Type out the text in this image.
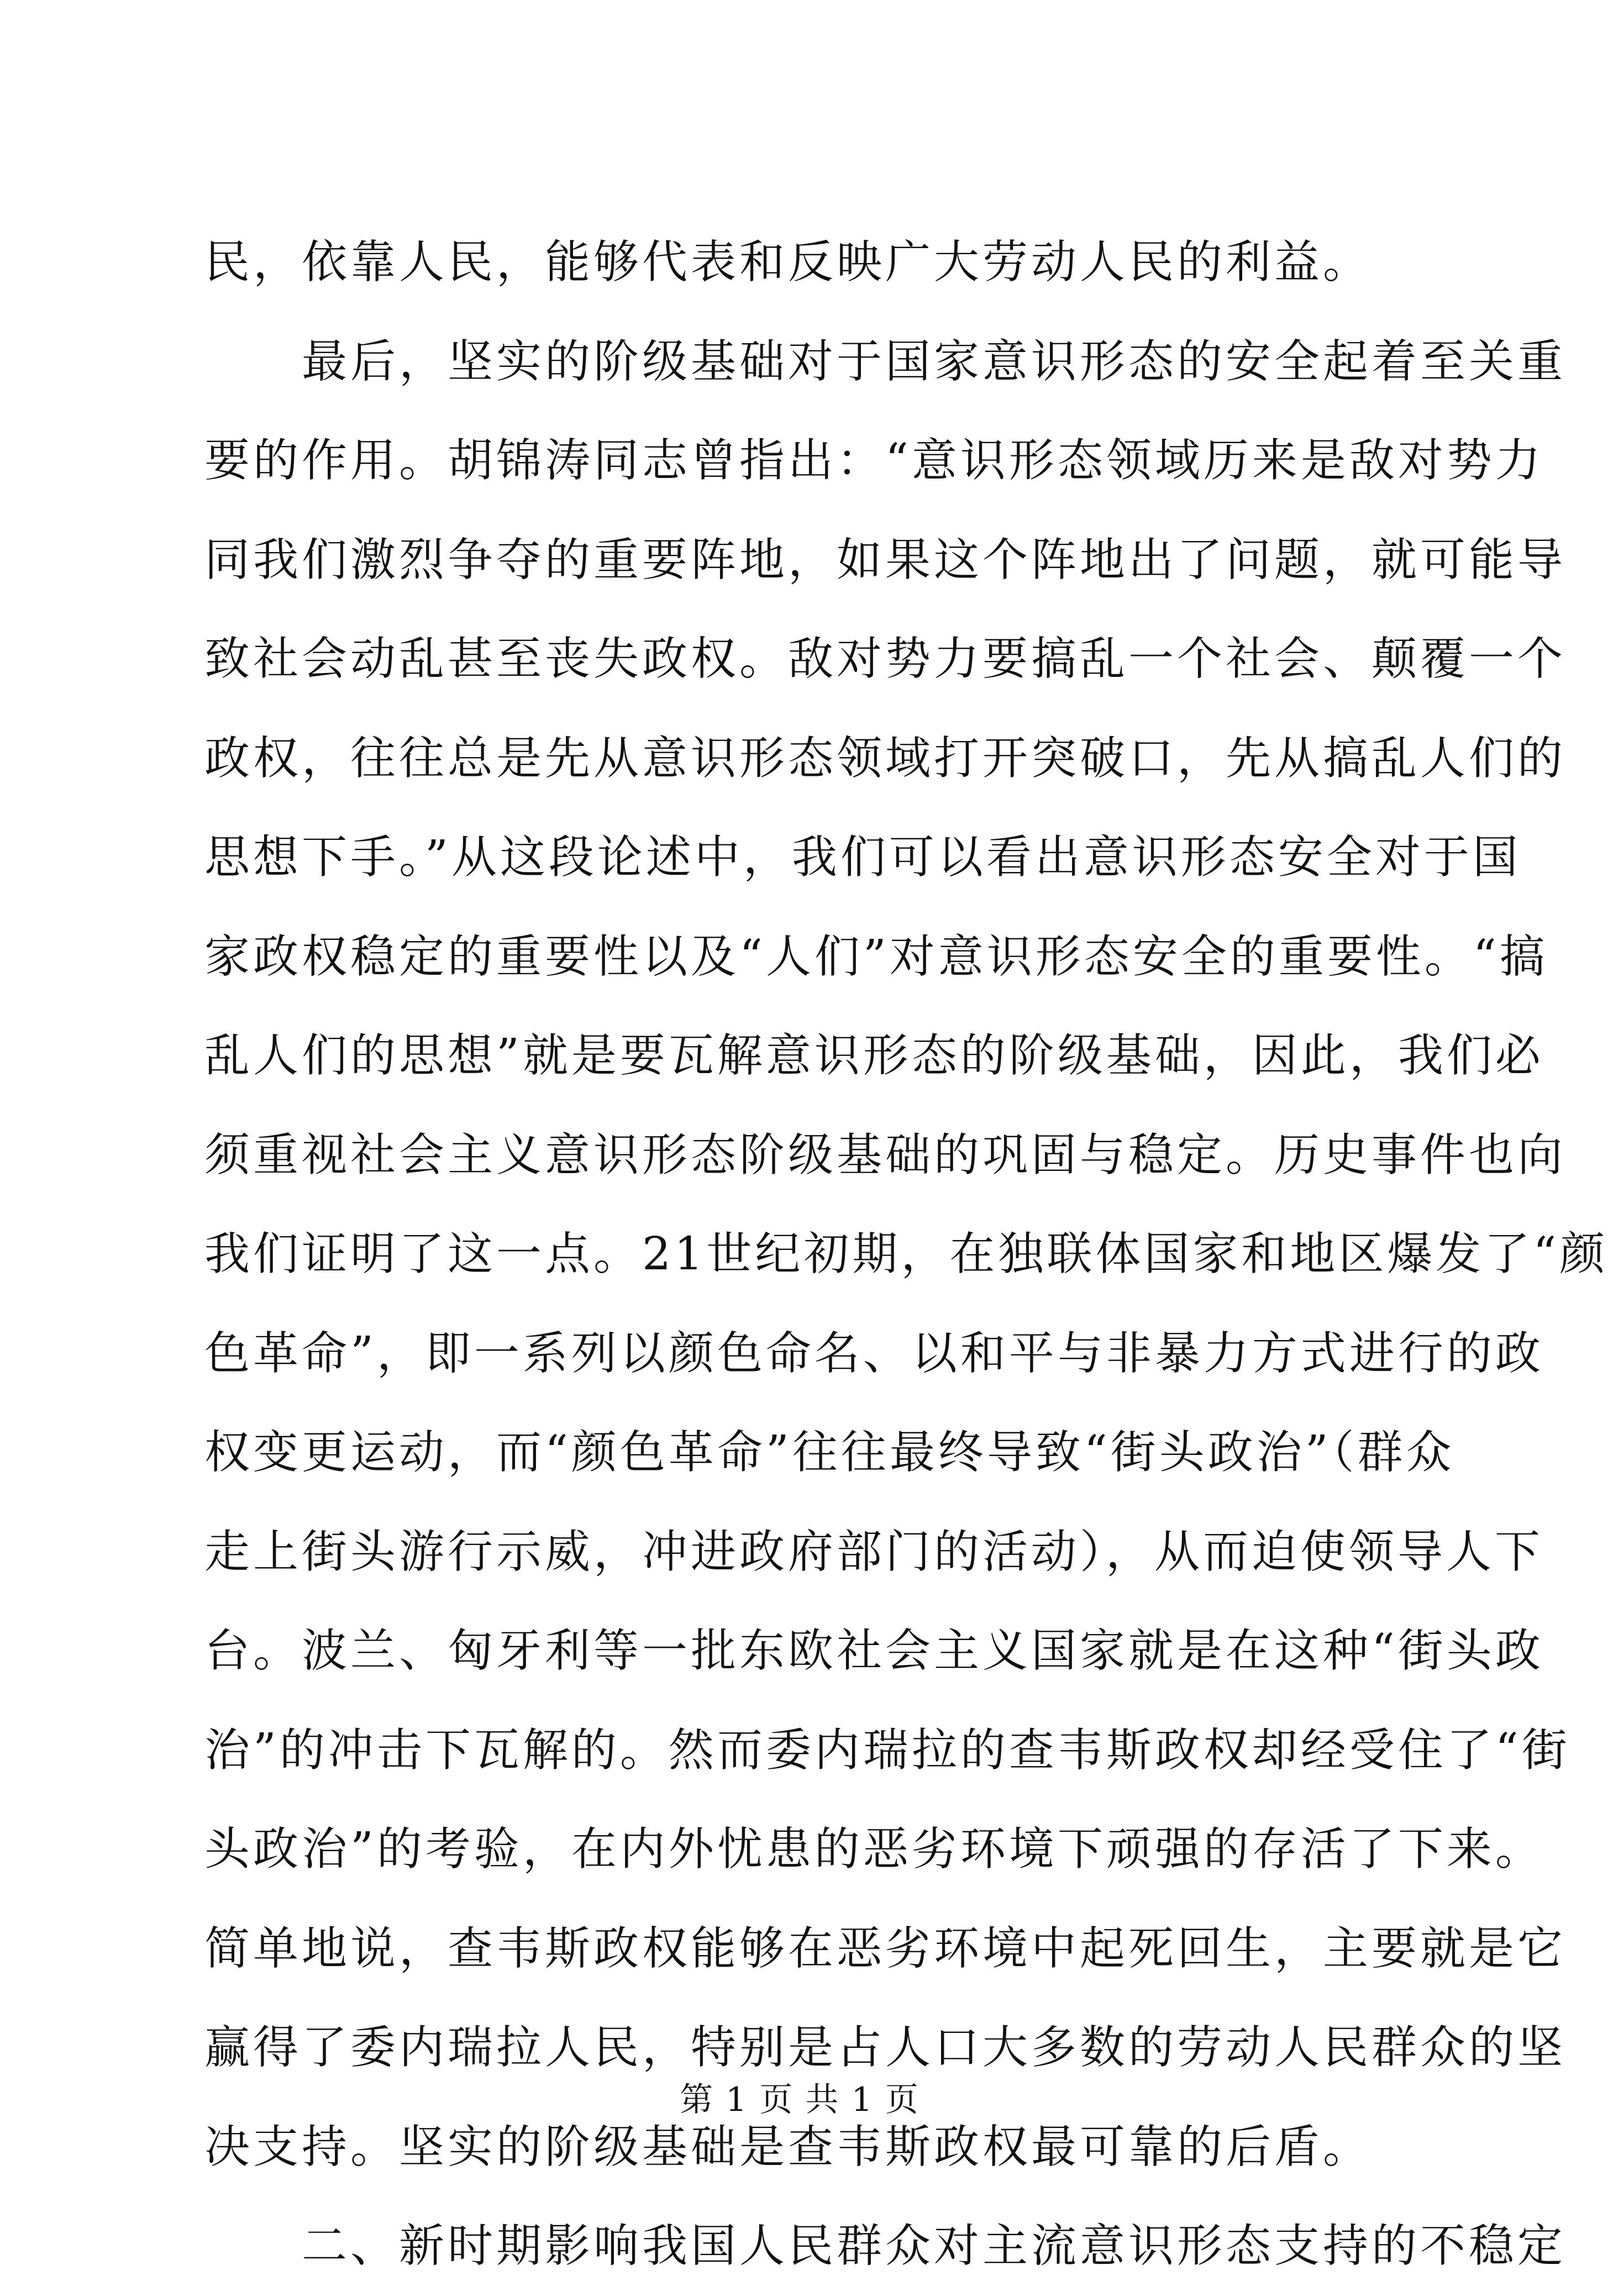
民，依靠人民，能够代表和反映广大劳动人民的利益。
　　最后，坚实的阶级基础对于国家意识形态的安全起着至关重
要的作用。胡锦涛同志曾指出：“意识形态领域历来是敌对势力
同我们激烈争夺的重要阵地，如果这个阵地出了问题，就可能导
致社会动乱甚至丧失政权。敌对势力要搞乱一个社会、颠覆一个
政权，往往总是先从意识形态领域打开突破口，先从搞乱人们的
思想下手。”从这段论述中，我们可以看出意识形态安全对于国
家政权稳定的重要性以及“人们”对意识形态安全的重要性。“搞
乱人们的思想”就是要瓦解意识形态的阶级基础，因此，我们必
须重视社会主义意识形态阶级基础的巩固与稳定。历史事件也向
我们证明了这一点。21世纪初期，在独联体国家和地区爆发了“颜
色革命”，即一系列以颜色命名、以和平与非暴力方式进行的政
权变更运动，而“颜色革命”往往最终导致“街头政治”（群众
走上街头游行示威，冲进政府部门的活动），从而迫使领导人下
台。波兰、匈牙利等一批东欧社会主义国家就是在这种“街头政
治”的冲击下瓦解的。然而委内瑞拉的查韦斯政权却经受住了“街
头政治”的考验，在内外忧患的恶劣环境下顽强的存活了下来。
简单地说，查韦斯政权能够在恶劣环境中起死回生，主要就是它
赢得了委内瑞拉人民，特别是占人口大多数的劳动人民群众的坚
决支持。坚实的阶级基础是查韦斯政权最可靠的后盾。
　　二、新时期影响我国人民群众对主流意识形态支持的不稳定
第 1 页 共 1 页
